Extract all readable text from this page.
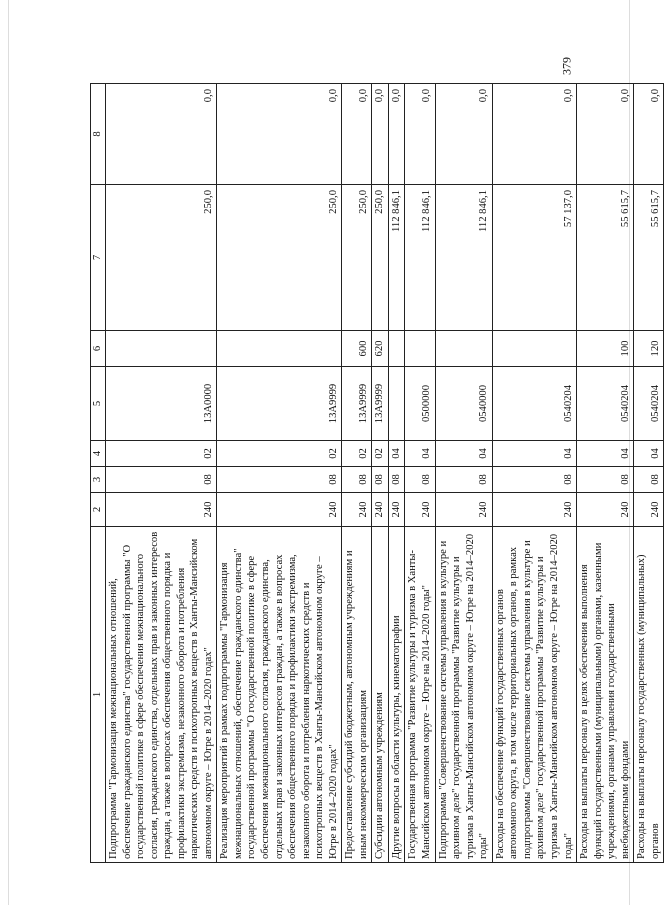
379
1	2	3	4	5	6	7	8
Подпрограмма "Гармонизация межнациональных отношений, обеспечение гражданского единства" государственной программы "О государственной политике в сфере обеспечения межнационального согласия, гражданского единства, отдельных прав и законных интересов граждан, а также в вопросах обеспечения общественного порядка и профилактики экстремизма, незаконного оборота и потребления наркотических средств и психотропных веществ в Ханты-Мансийском автономном округе – Югре в 2014–2020 годах"	240	08	02	13А0000		250,0	0,0
Реализация мероприятий в рамках подпрограммы "Гармонизация межнациональных отношений, обеспечение гражданского единства" государственной программы "О государственной политике в сфере обеспечения межнационального согласия, гражданского единства, отдельных прав и законных интересов граждан, а также в вопросах обеспечения общественного порядка и профилактики экстремизма, незаконного оборота и потребления наркотических средств и психотропных веществ в Ханты-Мансийском автономном округе – Югре в 2014–2020 годах"	240	08	02	13А9999		250,0	0,0
Предоставление субсидий бюджетным, автономным учреждениям и иным некоммерческим организациям	240	08	02	13А9999	600	250,0	0,0
Субсидии автономным учреждениям	240	08	02	13А9999	620	250,0	0,0
Другие вопросы в области культуры, кинематографии	240	08	04			112 846,1	0,0
Государственная программа "Развитие культуры и туризма в Ханты-Мансийском автономном округе – Югре на 2014–2020 годы"	240	08	04	0500000		112 846,1	0,0
Подпрограмма "Совершенствование системы управления в культуре и архивном деле" государственной программы "Развитие культуры и туризма в Ханты-Мансийском автономном округе – Югре на 2014–2020 годы"	240	08	04	0540000		112 846,1	0,0
Расходы на обеспечение функций государственных органов автономного округа, в том числе территориальных органов, в рамках подпрограммы "Совершенствование системы управления в культуре и архивном деле" государственной программы "Развитие культуры и туризма в Ханты-Мансийском автономном округе – Югре на 2014–2020 годы"	240	08	04	0540204		57 137,0	0,0
Расходы на выплаты персоналу в целях обеспечения выполнения функций государственными (муниципальными) органами, казенными учреждениями, органами управления государственными внебюджетными фондами	240	08	04	0540204	100	55 615,7	0,0
Расходы на выплаты персоналу государственных (муниципальных) органов	240	08	04	0540204	120	55 615,7	0,0
